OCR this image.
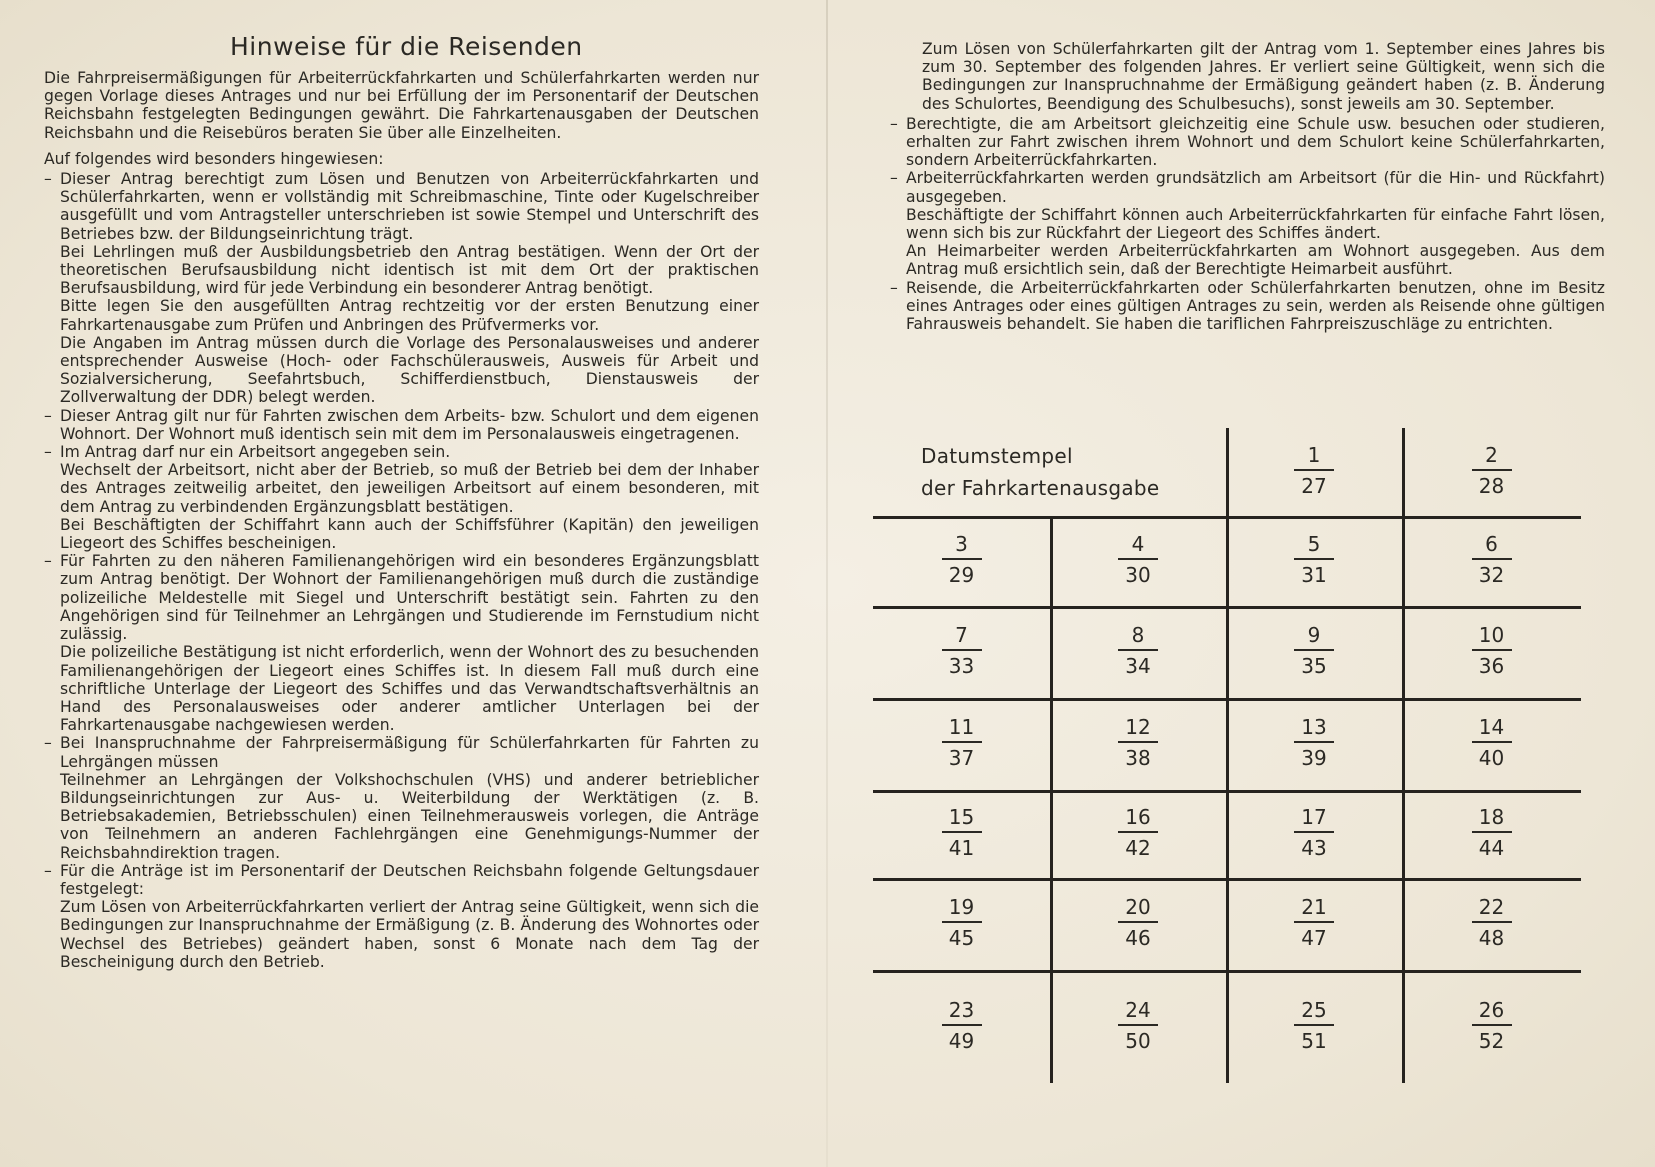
Hinweise für die Reisenden

Die Fahrpreisermäßigungen für Arbeiterrückfahrkarten und Schülerfahrkarten werden nur gegen Vorlage dieses Antrages und nur bei Erfüllung der im Personentarif der Deutschen Reichsbahn festgelegten Bedingungen gewährt. Die Fahrkartenausgaben der Deutschen Reichsbahn und die Reisebüros beraten Sie über alle Einzelheiten.

Auf folgendes wird besonders hingewiesen:

– Dieser Antrag berechtigt zum Lösen und Benutzen von Arbeiterrückfahrkarten und Schülerfahrkarten, wenn er vollständig mit Schreibmaschine, Tinte oder Kugelschreiber ausgefüllt und vom Antragsteller unterschrieben ist sowie Stempel und Unterschrift des Betriebes bzw. der Bildungseinrichtung trägt.

Bei Lehrlingen muß der Ausbildungsbetrieb den Antrag bestätigen. Wenn der Ort der theoretischen Berufsausbildung nicht identisch ist mit dem Ort der praktischen Berufsausbildung, wird für jede Verbindung ein besonderer Antrag benötigt.

Bitte legen Sie den ausgefüllten Antrag rechtzeitig vor der ersten Benutzung einer Fahrkartenausgabe zum Prüfen und Anbringen des Prüfvermerks vor.

Die Angaben im Antrag müssen durch die Vorlage des Personalausweises und anderer entsprechender Ausweise (Hoch- oder Fachschülerausweis, Ausweis für Arbeit und Sozialversicherung, Seefahrtsbuch, Schifferdienstbuch, Dienstausweis der Zollverwaltung der DDR) belegt werden.

– Dieser Antrag gilt nur für Fahrten zwischen dem Arbeits- bzw. Schulort und dem eigenen Wohnort. Der Wohnort muß identisch sein mit dem im Personalausweis eingetragenen.

– Im Antrag darf nur ein Arbeitsort angegeben sein.

Wechselt der Arbeitsort, nicht aber der Betrieb, so muß der Betrieb bei dem der Inhaber des Antrages zeitweilig arbeitet, den jeweiligen Arbeitsort auf einem besonderen, mit dem Antrag zu verbindenden Ergänzungsblatt bestätigen.

Bei Beschäftigten der Schiffahrt kann auch der Schiffsführer (Kapitän) den jeweiligen Liegeort des Schiffes bescheinigen.

– Für Fahrten zu den näheren Familienangehörigen wird ein besonderes Ergänzungsblatt zum Antrag benötigt. Der Wohnort der Familienangehörigen muß durch die zuständige polizeiliche Meldestelle mit Siegel und Unterschrift bestätigt sein. Fahrten zu den Angehörigen sind für Teilnehmer an Lehrgängen und Studierende im Fernstudium nicht zulässig.

Die polizeiliche Bestätigung ist nicht erforderlich, wenn der Wohnort des zu besuchenden Familienangehörigen der Liegeort eines Schiffes ist. In diesem Fall muß durch eine schriftliche Unterlage der Liegeort des Schiffes und das Verwandtschaftsverhältnis an Hand des Personalausweises oder anderer amtlicher Unterlagen bei der Fahrkartenausgabe nachgewiesen werden.

– Bei Inanspruchnahme der Fahrpreisermäßigung für Schülerfahrkarten für Fahrten zu Lehrgängen müssen

Teilnehmer an Lehrgängen der Volkshochschulen (VHS) und anderer betrieblicher Bildungseinrichtungen zur Aus- u. Weiterbildung der Werktätigen (z. B. Betriebsakademien, Betriebsschulen) einen Teilnehmerausweis vorlegen, die Anträge von Teilnehmern an anderen Fachlehrgängen eine Genehmigungs-Nummer der Reichsbahndirektion tragen.

– Für die Anträge ist im Personentarif der Deutschen Reichsbahn folgende Geltungsdauer festgelegt:

Zum Lösen von Arbeiterrückfahrkarten verliert der Antrag seine Gültigkeit, wenn sich die Bedingungen zur Inanspruchnahme der Ermäßigung (z. B. Änderung des Wohnortes oder Wechsel des Betriebes) geändert haben, sonst 6 Monate nach dem Tag der Bescheinigung durch den Betrieb.

Zum Lösen von Schülerfahrkarten gilt der Antrag vom 1. September eines Jahres bis zum 30. September des folgenden Jahres. Er verliert seine Gültigkeit, wenn sich die Bedingungen zur Inanspruchnahme der Ermäßigung geändert haben (z. B. Änderung des Schulortes, Beendigung des Schulbesuchs), sonst jeweils am 30. September.

– Berechtigte, die am Arbeitsort gleichzeitig eine Schule usw. besuchen oder studieren, erhalten zur Fahrt zwischen ihrem Wohnort und dem Schulort keine Schülerfahrkarten, sondern Arbeiterrückfahrkarten.

– Arbeiterrückfahrkarten werden grundsätzlich am Arbeitsort (für die Hin- und Rückfahrt) ausgegeben.

Beschäftigte der Schiffahrt können auch Arbeiterrückfahrkarten für einfache Fahrt lösen, wenn sich bis zur Rückfahrt der Liegeort des Schiffes ändert.

An Heimarbeiter werden Arbeiterrückfahrkarten am Wohnort ausgegeben. Aus dem Antrag muß ersichtlich sein, daß der Berechtigte Heimarbeit ausführt.

– Reisende, die Arbeiterrückfahrkarten oder Schülerfahrkarten benutzen, ohne im Besitz eines Antrages oder eines gültigen Antrages zu sein, werden als Reisende ohne gültigen Fahrausweis behandelt. Sie haben die tariflichen Fahrpreiszuschläge zu entrichten.

Datumstempel
der Fahrkartenausgabe
1
27
2
28
3
29
4
30
5
31
6
32
7
33
8
34
9
35
10
36
11
37
12
38
13
39
14
40
15
41
16
42
17
43
18
44
19
45
20
46
21
47
22
48
23
49
24
50
25
51
26
52
